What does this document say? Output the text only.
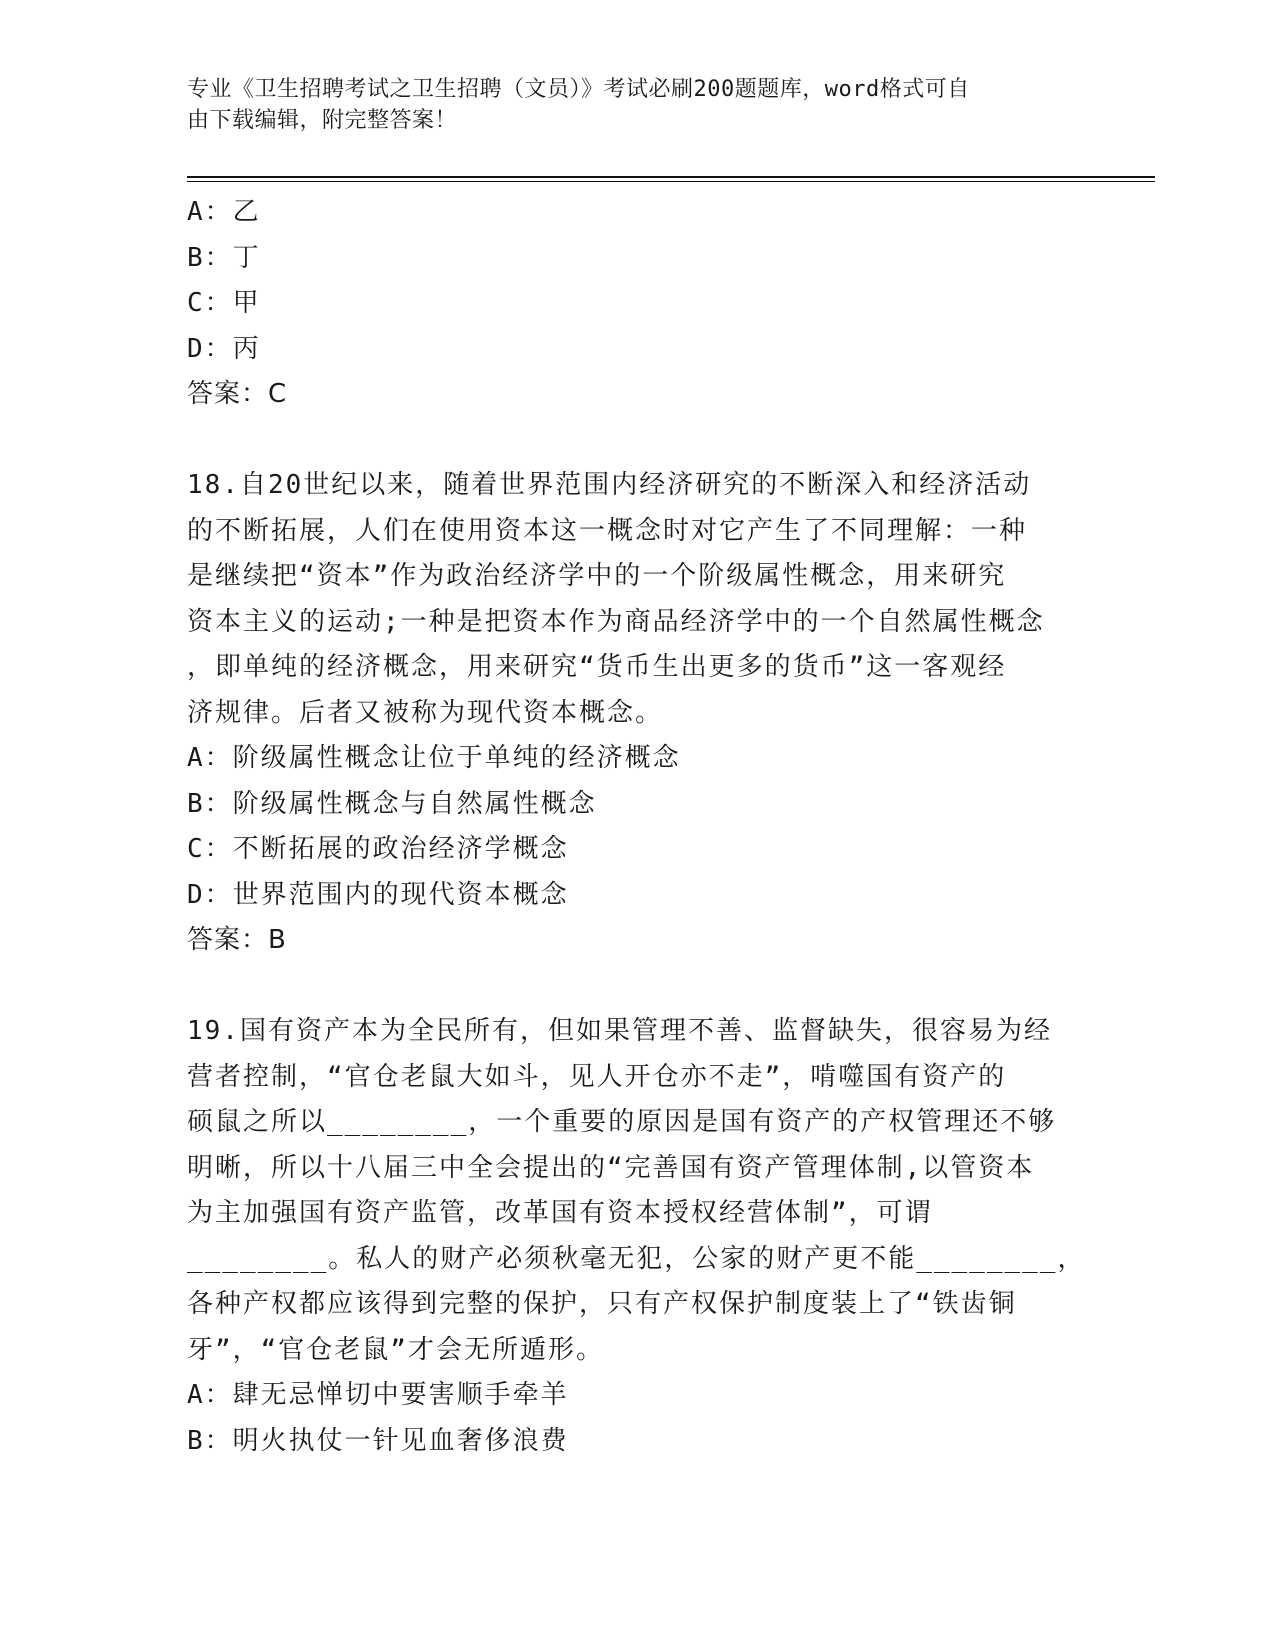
专业《卫生招聘考试之卫生招聘（文员）》考试必刷200题题库，word格式可自
由下载编辑，附完整答案！
A：乙
B：丁
C：甲
D：丙
答案：C
18.自20世纪以来，随着世界范围内经济研究的不断深入和经济活动
的不断拓展，人们在使用资本这一概念时对它产生了不同理解：一种
是继续把“资本”作为政治经济学中的一个阶级属性概念，用来研究
资本主义的运动;一种是把资本作为商品经济学中的一个自然属性概念
，即单纯的经济概念，用来研究“货币生出更多的货币”这一客观经
济规律。后者又被称为现代资本概念。
A：阶级属性概念让位于单纯的经济概念
B：阶级属性概念与自然属性概念
C：不断拓展的政治经济学概念
D：世界范围内的现代资本概念
答案：B
19.国有资产本为全民所有，但如果管理不善、监督缺失，很容易为经
营者控制，“官仓老鼠大如斗，见人开仓亦不走”，啃噬国有资产的
硕鼠之所以________，一个重要的原因是国有资产的产权管理还不够
明晰，所以十八届三中全会提出的“完善国有资产管理体制,以管资本
为主加强国有资产监管，改革国有资本授权经营体制”，可谓
________。私人的财产必须秋毫无犯，公家的财产更不能________，
各种产权都应该得到完整的保护，只有产权保护制度装上了“铁齿铜
牙”，“官仓老鼠”才会无所遁形。
A：肆无忌惮切中要害顺手牵羊
B：明火执仗一针见血奢侈浪费
